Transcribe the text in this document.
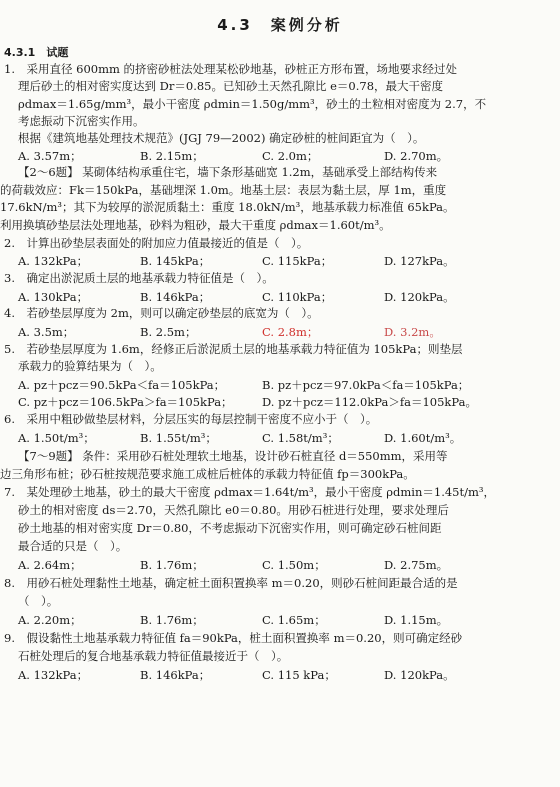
4.3　案例分析
4.3.1　试题
1.　采用直径 600mm 的挤密砂桩法处理某松砂地基，砂桩正方形布置，场地要求经过处
理后砂土的相对密实度达到 Dr＝0.85。已知砂土天然孔隙比 e＝0.78，最大干密度
ρdmax＝1.65g/mm³，最小干密度 ρdmin＝1.50g/mm³，砂土的土粒相对密度为 2.7，不
考虑振动下沉密实作用。
根据《建筑地基处理技术规范》(JGJ 79—2002) 确定砂桩的桩间距宜为（　）。
A. 3.57m；	B. 2.15m；	C. 2.0m；	D. 2.70m。
【2～6题】 某砌体结构承重住宅，墙下条形基础宽 1.2m，基础承受上部结构传来
的荷载效应：Fk＝150kPa，基础埋深 1.0m。地基土层：表层为黏土层，厚 1m，重度
17.6kN/m³；其下为较厚的淤泥质黏土：重度 18.0kN/m³，地基承载力标准值 65kPa。
利用换填砂垫层法处理地基，砂料为粗砂，最大干重度 ρdmax＝1.60t/m³。
2.　计算出砂垫层表面处的附加应力值最接近的值是（　）。
A. 132kPa；	B. 145kPa；	C. 115kPa；	D. 127kPa。
3.　确定出淤泥质土层的地基承载力特征值是（　）。
A. 130kPa；	B. 146kPa；	C. 110kPa；	D. 120kPa。
4.　若砂垫层厚度为 2m，则可以确定砂垫层的底宽为（　）。
A. 3.5m；	B. 2.5m；	C. 2.8m；	D. 3.2m。
5.　若砂垫层厚度为 1.6m，经修正后淤泥质土层的地基承载力特征值为 105kPa；则垫层
承载力的验算结果为（　）。
A. pz＋pcz＝90.5kPa＜fa＝105kPa；	B. pz＋pcz＝97.0kPa＜fa＝105kPa；
C. pz＋pcz＝106.5kPa＞fa＝105kPa；	D. pz＋pcz＝112.0kPa＞fa＝105kPa。
6.　采用中粗砂做垫层材料，分层压实的每层控制干密度不应小于（　）。
A. 1.50t/m³；	B. 1.55t/m³；	C. 1.58t/m³；	D. 1.60t/m³。
【7～9题】 条件：采用砂石桩处理软土地基，设计砂石桩直径 d＝550mm，采用等
边三角形布桩；砂石桩按规范要求施工成桩后桩体的承载力特征值 fp＝300kPa。
7.　某处理砂土地基，砂土的最大干密度 ρdmax＝1.64t/m³，最小干密度 ρdmin＝1.45t/m³，
砂土的相对密度 ds＝2.70，天然孔隙比 e0＝0.80。用砂石桩进行处理，要求处理后
砂土地基的相对密实度 Dr＝0.80，不考虑振动下沉密实作用，则可确定砂石桩间距
最合适的只是（　）。
A. 2.64m；	B. 1.76m；	C. 1.50m；	D. 2.75m。
8.　用砂石桩处理黏性土地基，确定桩土面积置换率 m＝0.20，则砂石桩间距最合适的是
（　）。
A. 2.20m；	B. 1.76m；	C. 1.65m；	D. 1.15m。
9.　假设黏性土地基承载力特征值 fa＝90kPa，桩土面积置换率 m＝0.20，则可确定经砂
石桩处理后的复合地基承载力特征值最接近于（　）。
A. 132kPa；	B. 146kPa；	C. 115 kPa；	D. 120kPa。
